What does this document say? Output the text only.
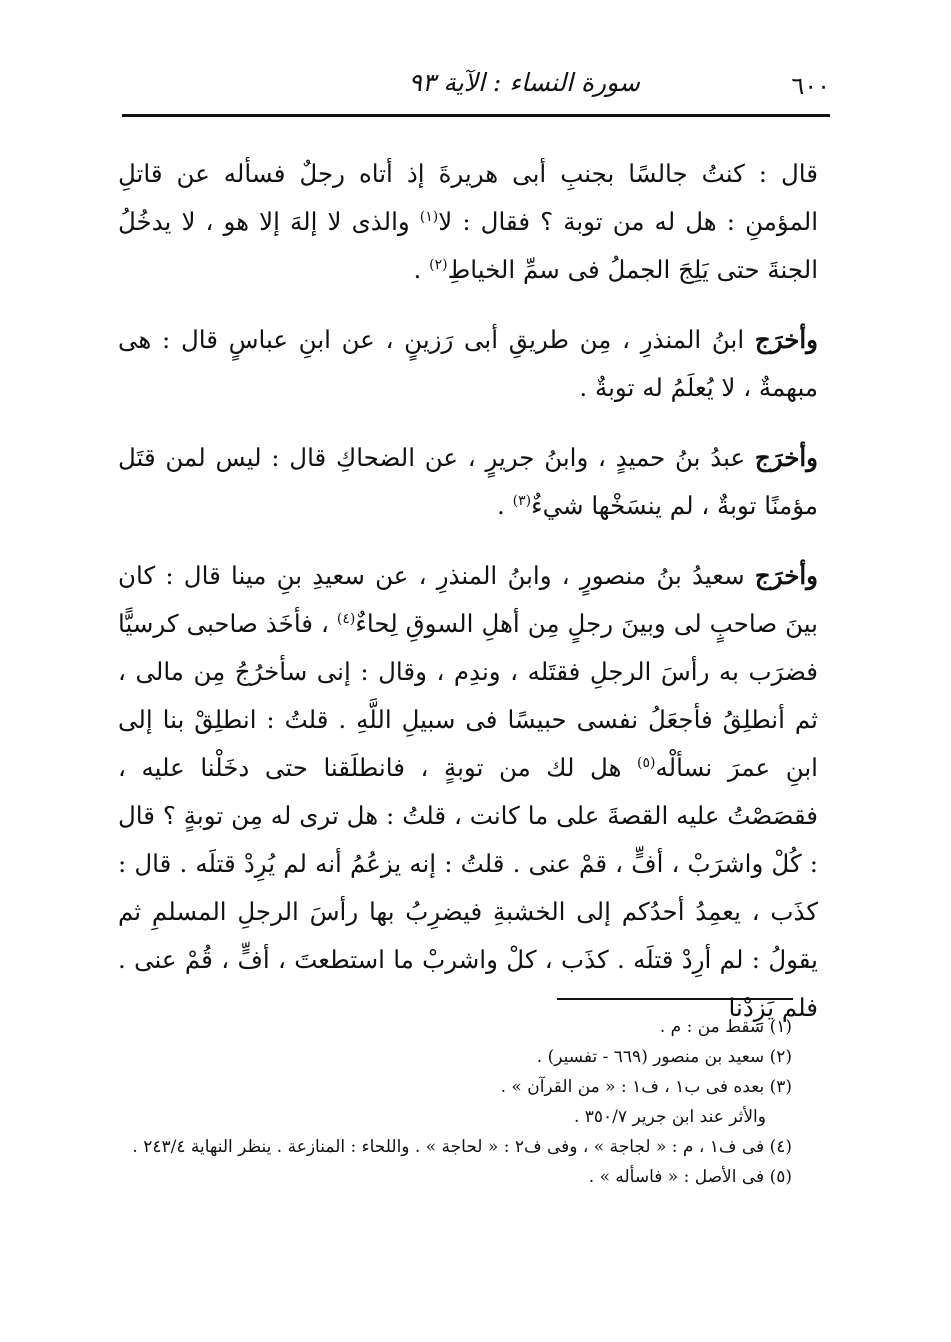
٦٠٠
سورة النساء : الآية ٩٣

قال : كنتُ جالسًا بجنبِ أبى هريرةَ إذ أتاه رجلٌ فسأله عن قاتلِ المؤمنِ : هل له من توبة ؟ فقال : لا$^{(١)}$ والذى لا إلهَ إلا هو ، لا يدخُلُ الجنةَ حتى يَلِجَ الجملُ فى سمِّ الخياطِ$^{(٢)}$ .

وأخرَج ابنُ المنذرِ ، مِن طريقِ أبى رَزينٍ ، عن ابنِ عباسٍ قال : هى مبهمةٌ ، لا يُعلَمُ له توبةٌ .

وأخرَج عبدُ بنُ حميدٍ ، وابنُ جريرٍ ، عن الضحاكِ قال : ليس لمن قتَل مؤمنًا توبةٌ ، لم ينسَخْها شيءٌ$^{(٣)}$ .

وأخرَج سعيدُ بنُ منصورٍ ، وابنُ المنذرِ ، عن سعيدِ بنِ مينا قال : كان بينَ صاحبٍ لى وبينَ رجلٍ مِن أهلِ السوقِ لِحاءٌ$^{(٤)}$ ، فأخَذ صاحبى كرسيًّا فضرَب به رأسَ الرجلِ فقتَله ، وندِم ، وقال : إنى سأخرُجُ مِن مالى ، ثم أنطلِقُ فأجعَلُ نفسى حبيسًا فى سبيلِ اللَّهِ . قلتُ : انطلِقْ بنا إلى ابنِ عمرَ نسألْه$^{(٥)}$ هل لك من توبةٍ ، فانطلَقنا حتى دخَلْنا عليه ، فقصَصْتُ عليه القصةَ على ما كانت ، قلتُ : هل ترى له مِن توبةٍ ؟ قال : كُلْ واشرَبْ ، أفٍّ ، قمْ عنى . قلتُ : إنه يزعُمُ أنه لم يُرِدْ قتلَه . قال : كذَب ، يعمِدُ أحدُكم إلى الخشبةِ فيضرِبُ بها رأسَ الرجلِ المسلمِ ثم يقولُ : لم أرِدْ قتلَه . كذَب ، كلْ واشربْ ما استطعتَ ، أفٍّ ، قُمْ عنى . فلم يَزِدْنا

(١) سقط من : م .
(٢) سعيد بن منصور (٦٦٩ - تفسير) .
(٣) بعده فى ب١ ، ف١ : « من القرآن » .
والأثر عند ابن جرير ٣٥٠/٧ .
(٤) فى ف١ ، م : « لجاجة » ، وفى ف٢ : « لحاجة » . واللحاء : المنازعة . ينظر النهاية ٢٤٣/٤ .
(٥) فى الأصل : « فاسأله » .
